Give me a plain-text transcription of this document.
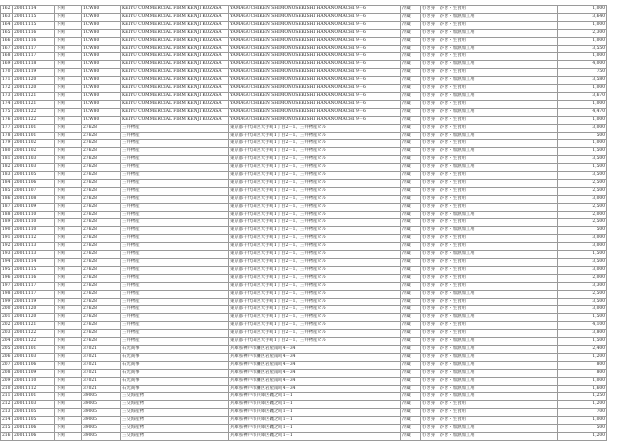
162	20011114	下関	1CW80	KEIYU COMMERCIAL FIRM KENJI KOZASA	YAMAGUCHIKEN SHIMONOSEKISHI HANANOMACHI 9－6	冷蔵	むき身　かき・生食用	1,000
163	20011115	下関	1CW80	KEIYU COMMERCIAL FIRM KENJI KOZASA	YAMAGUCHIKEN SHIMONOSEKISHI HANANOMACHI 9－6	冷蔵	むき身　かき・加熱加工用	3,640
164	20011115	下関	1CW80	KEIYU COMMERCIAL FIRM KENJI KOZASA	YAMAGUCHIKEN SHIMONOSEKISHI HANANOMACHI 9－6	冷蔵	むき身　かき・生食用	1,000
165	20011116	下関	1CW80	KEIYU COMMERCIAL FIRM KENJI KOZASA	YAMAGUCHIKEN SHIMONOSEKISHI HANANOMACHI 9－6	冷蔵	むき身　かき・加熱加工用	2,300
166	20011116	下関	1CW80	KEIYU COMMERCIAL FIRM KENJI KOZASA	YAMAGUCHIKEN SHIMONOSEKISHI HANANOMACHI 9－6	冷蔵	むき身　かき・生食用	1,000
167	20011117	下関	1CW80	KEIYU COMMERCIAL FIRM KENJI KOZASA	YAMAGUCHIKEN SHIMONOSEKISHI HANANOMACHI 9－6	冷蔵	むき身　かき・加熱加工用	3,550
168	20011117	下関	1CW80	KEIYU COMMERCIAL FIRM KENJI KOZASA	YAMAGUCHIKEN SHIMONOSEKISHI HANANOMACHI 9－6	冷蔵	むき身　かき・生食用	1,000
169	20011118	下関	1CW80	KEIYU COMMERCIAL FIRM KENJI KOZASA	YAMAGUCHIKEN SHIMONOSEKISHI HANANOMACHI 9－6	冷蔵	むき身　かき・加熱加工用	4,000
170	20011119	下関	1CW80	KEIYU COMMERCIAL FIRM KENJI KOZASA	YAMAGUCHIKEN SHIMONOSEKISHI HANANOMACHI 9－6	冷蔵	むき身　かき・生食用	750
171	20011120	下関	1CW80	KEIYU COMMERCIAL FIRM KENJI KOZASA	YAMAGUCHIKEN SHIMONOSEKISHI HANANOMACHI 9－6	冷蔵	むき身　かき・加熱加工用	3,580
172	20011120	下関	1CW80	KEIYU COMMERCIAL FIRM KENJI KOZASA	YAMAGUCHIKEN SHIMONOSEKISHI HANANOMACHI 9－6	冷蔵	むき身　かき・生食用	1,000
173	20011121	下関	1CW80	KEIYU COMMERCIAL FIRM KENJI KOZASA	YAMAGUCHIKEN SHIMONOSEKISHI HANANOMACHI 9－6	冷蔵	むき身　かき・加熱加工用	3,670
174	20011121	下関	1CW80	KEIYU COMMERCIAL FIRM KENJI KOZASA	YAMAGUCHIKEN SHIMONOSEKISHI HANANOMACHI 9－6	冷蔵	むき身　かき・生食用	1,000
175	20011122	下関	1CW80	KEIYU COMMERCIAL FIRM KENJI KOZASA	YAMAGUCHIKEN SHIMONOSEKISHI HANANOMACHI 9－6	冷蔵	むき身　かき・加熱加工用	4,470
176	20011122	下関	1CW80	KEIYU COMMERCIAL FIRM KENJI KOZASA	YAMAGUCHIKEN SHIMONOSEKISHI HANANOMACHI 9－6	冷蔵	むき身　かき・生食用	1,000
177	20011101	下関	27628	三井物産	東京都千代田区大手町1丁目2－1、三井物産ビル	冷蔵	むき身　かき・生食用	3,000
178	20011101	下関	27628	三井物産	東京都千代田区大手町1丁目2－1、三井物産ビル	冷蔵	むき身　かき・加熱加工用	500
179	20011102	下関	27628	三井物産	東京都千代田区大手町1丁目2－1、三井物産ビル	冷蔵	むき身　かき・生食用	1,000
180	20011102	下関	27628	三井物産	東京都千代田区大手町1丁目2－1、三井物産ビル	冷蔵	むき身　かき・加熱加工用	1,500
181	20011103	下関	27628	三井物産	東京都千代田区大手町1丁目2－1、三井物産ビル	冷蔵	むき身　かき・生食用	3,500
182	20011103	下関	27628	三井物産	東京都千代田区大手町1丁目2－1、三井物産ビル	冷蔵	むき身　かき・加熱加工用	1,500
183	20011105	下関	27628	三井物産	東京都千代田区大手町1丁目2－1、三井物産ビル	冷蔵	むき身　かき・生食用	3,500
184	20011106	下関	27628	三井物産	東京都千代田区大手町1丁目2－1、三井物産ビル	冷蔵	むき身　かき・生食用	2,500
185	20011107	下関	27628	三井物産	東京都千代田区大手町1丁目2－1、三井物産ビル	冷蔵	むき身　かき・生食用	2,500
186	20011108	下関	27628	三井物産	東京都千代田区大手町1丁目2－1、三井物産ビル	冷蔵	むき身　かき・生食用	3,000
187	20011109	下関	27628	三井物産	東京都千代田区大手町1丁目2－1、三井物産ビル	冷蔵	むき身　かき・生食用	2,500
188	20011110	下関	27628	三井物産	東京都千代田区大手町1丁目2－1、三井物産ビル	冷蔵	むき身　かき・加熱加工用	2,000
189	20011110	下関	27628	三井物産	東京都千代田区大手町1丁目2－1、三井物産ビル	冷蔵	むき身　かき・生食用	2,500
190	20011110	下関	27628	三井物産	東京都千代田区大手町1丁目2－1、三井物産ビル	冷蔵	むき身　かき・加熱加工用	500
191	20011112	下関	27628	三井物産	東京都千代田区大手町1丁目2－1、三井物産ビル	冷蔵	むき身　かき・生食用	3,000
192	20011113	下関	27628	三井物産	東京都千代田区大手町1丁目2－1、三井物産ビル	冷蔵	むき身　かき・生食用	3,000
193	20011113	下関	27628	三井物産	東京都千代田区大手町1丁目2－1、三井物産ビル	冷蔵	むき身　かき・加熱加工用	1,500
194	20011114	下関	27628	三井物産	東京都千代田区大手町1丁目2－1、三井物産ビル	冷蔵	むき身　かき・生食用	3,500
195	20011115	下関	27628	三井物産	東京都千代田区大手町1丁目2－1、三井物産ビル	冷蔵	むき身　かき・生食用	3,000
196	20011116	下関	27628	三井物産	東京都千代田区大手町1丁目2－1、三井物産ビル	冷蔵	むき身　かき・生食用	2,000
197	20011117	下関	27628	三井物産	東京都千代田区大手町1丁目2－1、三井物産ビル	冷蔵	むき身　かき・生食用	3,300
198	20011117	下関	27628	三井物産	東京都千代田区大手町1丁目2－1、三井物産ビル	冷蔵	むき身　かき・加熱加工用	2,500
199	20011119	下関	27628	三井物産	東京都千代田区大手町1丁目2－1、三井物産ビル	冷蔵	むき身　かき・生食用	3,500
200	20011120	下関	27628	三井物産	東京都千代田区大手町1丁目2－1、三井物産ビル	冷蔵	むき身　かき・生食用	3,000
201	20011120	下関	27628	三井物産	東京都千代田区大手町1丁目2－1、三井物産ビル	冷蔵	むき身　かき・加熱加工用	1,500
202	20011121	下関	27628	三井物産	東京都千代田区大手町1丁目2－1、三井物産ビル	冷蔵	むき身　かき・生食用	4,100
203	20011122	下関	27628	三井物産	東京都千代田区大手町1丁目2－1、三井物産ビル	冷蔵	むき身　かき・生食用	3,800
204	20011122	下関	27628	三井物産	東京都千代田区大手町1丁目2－1、三井物産ビル	冷蔵	むき身　かき・加熱加工用	1,500
205	20011101	下関	37021	石光商事	兵庫県神戸市灘区岩屋南町4－34	冷蔵	むき身　かき・加熱加工用	2,400
206	20011103	下関	37021	石光商事	兵庫県神戸市灘区岩屋南町4－34	冷蔵	むき身　かき・加熱加工用	1,200
207	20011106	下関	37021	石光商事	兵庫県神戸市灘区岩屋南町4－34	冷蔵	むき身　かき・加熱加工用	800
208	20011109	下関	37021	石光商事	兵庫県神戸市灘区岩屋南町4－34	冷蔵	むき身　かき・加熱加工用	800
209	20011110	下関	37021	石光商事	兵庫県神戸市灘区岩屋南町4－34	冷蔵	むき身　かき・加熱加工用	1,000
210	20011112	下関	37021	石光商事	兵庫県神戸市灘区岩屋南町4－34	冷蔵	むき身　かき・加熱加工用	1,600
211	20011101	下関	39005	三交海産物	兵庫県神戸市兵庫区磯之町1－1	冷蔵	むき身　かき・加熱加工用	1,250
212	20011103	下関	39005	三交海産物	兵庫県神戸市兵庫区磯之町1－1	冷蔵	むき身　かき・生食用	1,200
213	20011105	下関	39005	三交海産物	兵庫県神戸市兵庫区磯之町1－1	冷蔵	むき身　かき・生食用	700
214	20011105	下関	39005	三交海産物	兵庫県神戸市兵庫区磯之町1－1	冷蔵	むき身　かき・生食用	1,000
215	20011106	下関	39005	三交海産物	兵庫県神戸市兵庫区磯之町1－1	冷蔵	むき身　かき・加熱加工用	500
216	20011106	下関	39005	三交海産物	兵庫県神戸市兵庫区磯之町1－1	冷蔵	むき身　かき・加熱加工用	1,200
